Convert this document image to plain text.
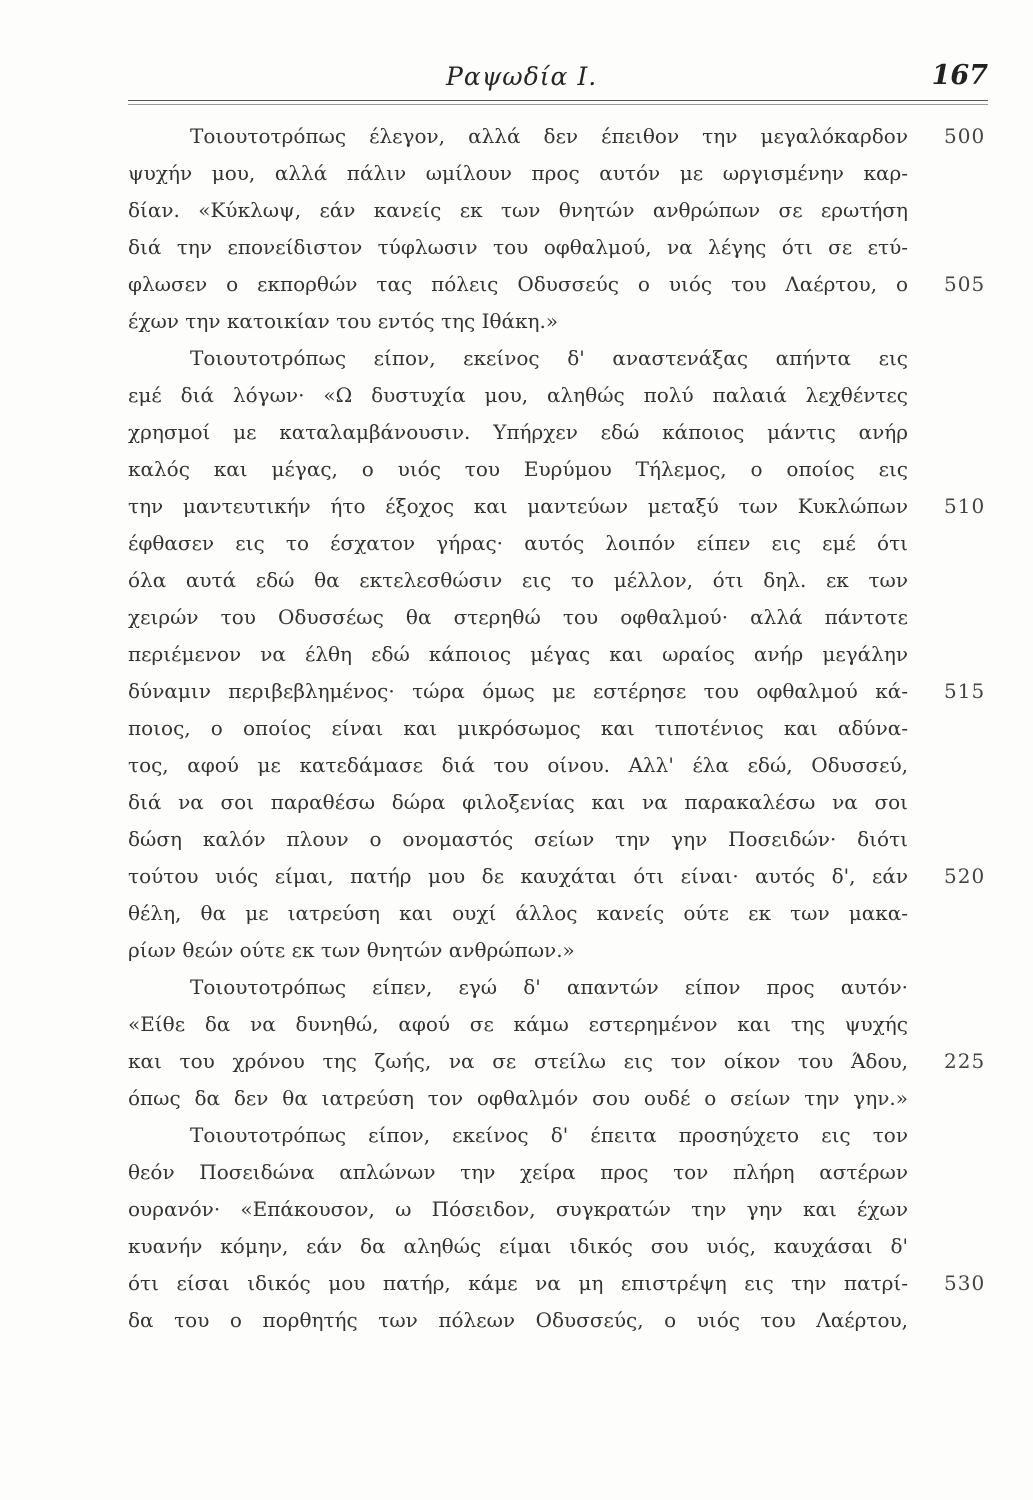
Ραψωδία Ι.	167
Τοιουτοτρόπως έλεγον, αλλά δεν έπειθον την μεγαλόκαρδον 500
ψυχήν μου, αλλά πάλιν ωμίλουν προς αυτόν με ωργισμένην καρ-
δίαν. «Κύκλωψ, εάν κανείς εκ των θνητών ανθρώπων σε ερωτήση
διά την επονείδιστον τύφλωσιν του οφθαλμού, να λέγης ότι σε ετύ-
φλωσεν ο εκπορθών τας πόλεις Οδυσσεύς ο υιός του Λαέρτου, ο 505
έχων την κατοικίαν του εντός της Ιθάκη.»
Τοιουτοτρόπως είπον, εκείνος δ' αναστενάξας απήντα εις
εμέ διά λόγων· «Ω δυστυχία μου, αληθώς πολύ παλαιά λεχθέντες
χρησμοί με καταλαμβάνουσιν. Υπήρχεν εδώ κάποιος μάντις ανήρ
καλός και μέγας, ο υιός του Ευρύμου Τήλεμος, ο οποίος εις
την μαντευτικήν ήτο έξοχος και μαντεύων μεταξύ των Κυκλώπων 510
έφθασεν εις το έσχατον γήρας· αυτός λοιπόν είπεν εις εμέ ότι
όλα αυτά εδώ θα εκτελεσθώσιν εις το μέλλον, ότι δηλ. εκ των
χειρών του Οδυσσέως θα στερηθώ του οφθαλμού· αλλά πάντοτε
περιέμενον να έλθη εδώ κάποιος μέγας και ωραίος ανήρ μεγάλην
δύναμιν περιβεβλημένος· τώρα όμως με εστέρησε του οφθαλμού κά- 515
ποιος, ο οποίος είναι και μικρόσωμος και τιποτένιος και αδύνα-
τος, αφού με κατεδάμασε διά του οίνου. Αλλ' έλα εδώ, Οδυσσεύ,
διά να σοι παραθέσω δώρα φιλοξενίας και να παρακαλέσω να σοι
δώση καλόν πλουν ο ονομαστός σείων την γην Ποσειδών· διότι
τούτου υιός είμαι, πατήρ μου δε καυχάται ότι είναι· αυτός δ', εάν 520
θέλη, θα με ιατρεύση και ουχί άλλος κανείς ούτε εκ των μακα-
ρίων θεών ούτε εκ των θνητών ανθρώπων.»
Τοιουτοτρόπως είπεν, εγώ δ' απαντών είπον προς αυτόν·
«Είθε δα να δυνηθώ, αφού σε κάμω εστερημένον και της ψυχής
και του χρόνου της ζωής, να σε στείλω εις τον οίκον του Άδου, 225
όπως δα δεν θα ιατρεύση τον οφθαλμόν σου ουδέ ο σείων την γην.»
Τοιουτοτρόπως είπον, εκείνος δ' έπειτα προσηύχετο εις τον
θεόν Ποσειδώνα απλώνων την χείρα προς τον πλήρη αστέρων
ουρανόν· «Επάκουσον, ω Πόσειδον, συγκρατών την γην και έχων
κυανήν κόμην, εάν δα αληθώς είμαι ιδικός σου υιός, καυχάσαι δ'
ότι είσαι ιδικός μου πατήρ, κάμε να μη επιστρέψη εις την πατρί- 530
δα του ο πορθητής των πόλεων Οδυσσεύς, ο υιός του Λαέρτου,
